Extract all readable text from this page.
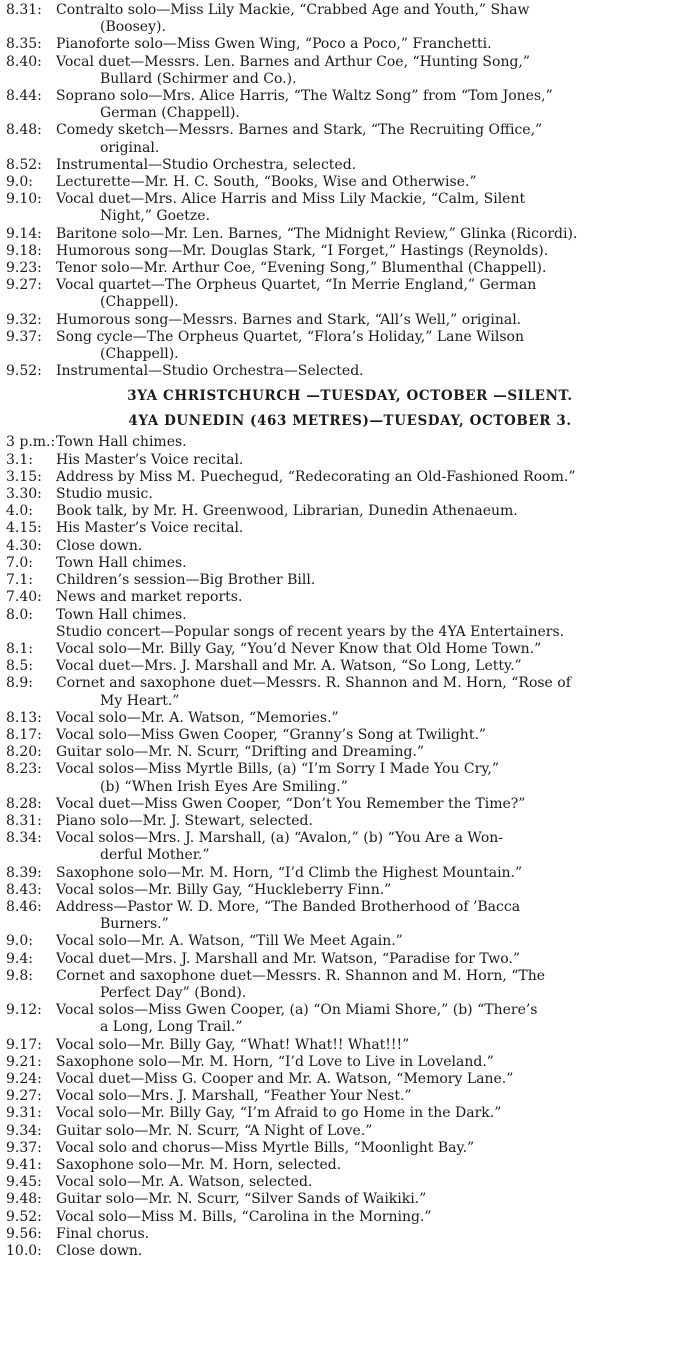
8.31:	Contralto solo—Miss Lily Mackie, “Crabbed Age and Youth,” Shaw
(Boosey).
8.35:	Pianoforte solo—Miss Gwen Wing, “Poco a Poco,” Franchetti.
8.40:	Vocal duet—Messrs. Len. Barnes and Arthur Coe, “Hunting Song,”
Bullard (Schirmer and Co.).
8.44:	Soprano solo—Mrs. Alice Harris, “The Waltz Song” from “Tom Jones,”
German (Chappell).
8.48:	Comedy sketch—Messrs. Barnes and Stark, “The Recruiting Office,”
original.
8.52:	Instrumental—Studio Orchestra, selected.
9.0:	Lecturette—Mr. H. C. South, “Books, Wise and Otherwise.”
9.10:	Vocal duet—Mrs. Alice Harris and Miss Lily Mackie, “Calm, Silent
Night,” Goetze.
9.14:	Baritone solo—Mr. Len. Barnes, “The Midnight Review,” Glinka (Ricordi).
9.18:	Humorous song—Mr. Douglas Stark, “I Forget,” Hastings (Reynolds).
9.23:	Tenor solo—Mr. Arthur Coe, “Evening Song,” Blumenthal (Chappell).
9.27:	Vocal quartet—The Orpheus Quartet, “In Merrie England,” German
(Chappell).
9.32:	Humorous song—Messrs. Barnes and Stark, “All’s Well,” original.
9.37:	Song cycle—The Orpheus Quartet, “Flora’s Holiday,” Lane Wilson
(Chappell).
9.52:	Instrumental—Studio Orchestra—Selected.
3YA CHRISTCHURCH —TUESDAY, OCTOBER —SILENT.
4YA DUNEDIN (463 METRES)—TUESDAY, OCTOBER 3.
3 p.m.: Town Hall chimes.
3.1:	His Master’s Voice recital.
3.15:	Address by Miss M. Puechegud, “Redecorating an Old-Fashioned Room.”
3.30:	Studio music.
4.0:	Book talk, by Mr. H. Greenwood, Librarian, Dunedin Athenaeum.
4.15:	His Master’s Voice recital.
4.30:	Close down.
7.0:	Town Hall chimes.
7.1:	Children’s session—Big Brother Bill.
7.40:	News and market reports.
8.0:	Town Hall chimes.
Studio concert—Popular songs of recent years by the 4YA Entertainers.
8.1:	Vocal solo—Mr. Billy Gay, “You’d Never Know that Old Home Town.”
8.5:	Vocal duet—Mrs. J. Marshall and Mr. A. Watson, “So Long, Letty.”
8.9:	Cornet and saxophone duet—Messrs. R. Shannon and M. Horn, “Rose of
My Heart.”
8.13:	Vocal solo—Mr. A. Watson, “Memories.”
8.17:	Vocal solo—Miss Gwen Cooper, “Granny’s Song at Twilight.”
8.20:	Guitar solo—Mr. N. Scurr, “Drifting and Dreaming.”
8.23:	Vocal solos—Miss Myrtle Bills, (a) “I’m Sorry I Made You Cry,”
(b) “When Irish Eyes Are Smiling.”
8.28:	Vocal duet—Miss Gwen Cooper, “Don’t You Remember the Time?”
8.31:	Piano solo—Mr. J. Stewart, selected.
8.34:	Vocal solos—Mrs. J. Marshall, (a) “Avalon,” (b) “You Are a Won-
derful Mother.”
8.39:	Saxophone solo—Mr. M. Horn, “I’d Climb the Highest Mountain.”
8.43:	Vocal solos—Mr. Billy Gay, “Huckleberry Finn.”
8.46:	Address—Pastor W. D. More, “The Banded Brotherhood of ’Bacca
Burners.”
9.0:	Vocal solo—Mr. A. Watson, “Till We Meet Again.”
9.4:	Vocal duet—Mrs. J. Marshall and Mr. Watson, “Paradise for Two.”
9.8:	Cornet and saxophone duet—Messrs. R. Shannon and M. Horn, “The
Perfect Day” (Bond).
9.12:	Vocal solos—Miss Gwen Cooper, (a) “On Miami Shore,” (b) “There’s
a Long, Long Trail.”
9.17:	Vocal solo—Mr. Billy Gay, “What! What!! What!!!”
9.21:	Saxophone solo—Mr. M. Horn, “I’d Love to Live in Loveland.”
9.24:	Vocal duet—Miss G. Cooper and Mr. A. Watson, “Memory Lane.”
9.27:	Vocal solo—Mrs. J. Marshall, “Feather Your Nest.”
9.31:	Vocal solo—Mr. Billy Gay, “I’m Afraid to go Home in the Dark.”
9.34:	Guitar solo—Mr. N. Scurr, “A Night of Love.”
9.37:	Vocal solo and chorus—Miss Myrtle Bills, “Moonlight Bay.”
9.41:	Saxophone solo—Mr. M. Horn, selected.
9.45:	Vocal solo—Mr. A. Watson, selected.
9.48:	Guitar solo—Mr. N. Scurr, “Silver Sands of Waikiki.”
9.52:	Vocal solo—Miss M. Bills, “Carolina in the Morning.”
9.56:	Final chorus.
10.0:	Close down.
